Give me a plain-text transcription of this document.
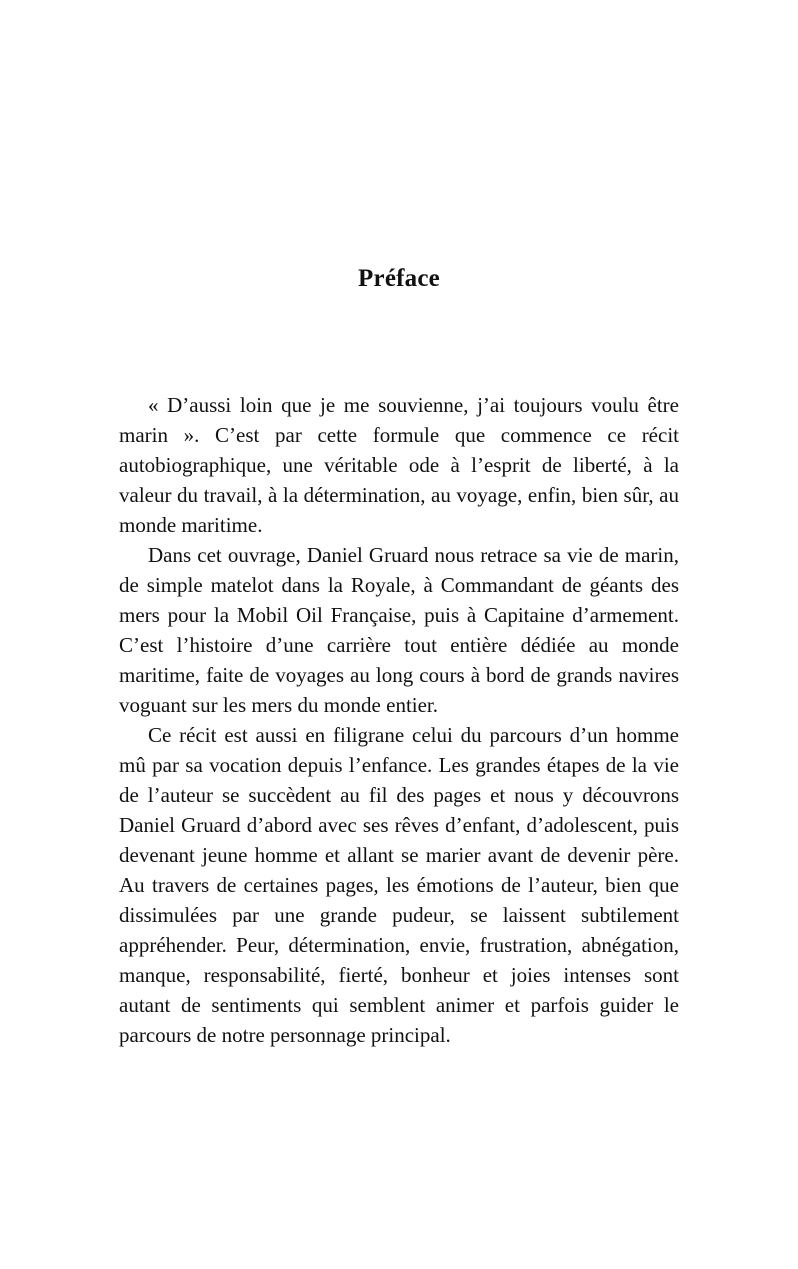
Préface

« D’aussi loin que je me souvienne, j’ai toujours voulu être marin ». C’est par cette formule que commence ce récit autobiographique, une véritable ode à l’esprit de liberté, à la valeur du travail, à la détermination, au voyage, enfin, bien sûr, au monde maritime.

Dans cet ouvrage, Daniel Gruard nous retrace sa vie de marin, de simple matelot dans la Royale, à Commandant de géants des mers pour la Mobil Oil Française, puis à Capitaine d’armement. C’est l’histoire d’une carrière tout entière dédiée au monde maritime, faite de voyages au long cours à bord de grands navires voguant sur les mers du monde entier.

Ce récit est aussi en filigrane celui du parcours d’un homme mû par sa vocation depuis l’enfance. Les grandes étapes de la vie de l’auteur se succèdent au fil des pages et nous y découvrons Daniel Gruard d’abord avec ses rêves d’enfant, d’adolescent, puis devenant jeune homme et allant se marier avant de devenir père. Au travers de certaines pages, les émotions de l’auteur, bien que dissimulées par une grande pudeur, se laissent subtilement appréhender. Peur, détermination, envie, frustration, abnégation, manque, responsabilité, fierté, bonheur et joies intenses sont autant de sentiments qui semblent animer et parfois guider le parcours de notre personnage principal.
